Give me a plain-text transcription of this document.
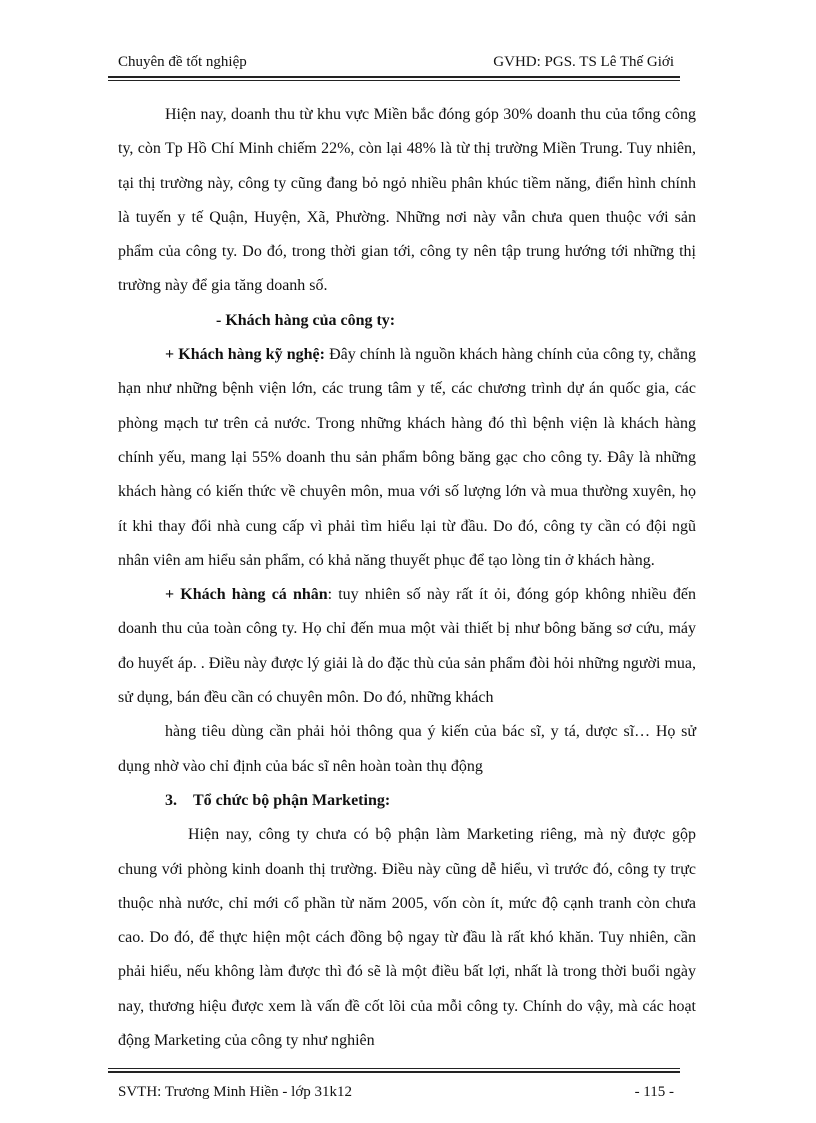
Chuyên đề tốt nghiệp	GVHD: PGS. TS Lê Thế Giới

Hiện nay, doanh thu từ khu vực Miền bắc đóng góp 30% doanh thu của tổng công ty, còn Tp Hồ Chí Minh chiếm 22%, còn lại 48% là từ thị trường Miền Trung. Tuy nhiên, tại thị trường này, công ty cũng đang bỏ ngỏ nhiều phân khúc tiềm năng, điển hình chính là tuyến y tế Quận, Huyện, Xã, Phường. Những nơi này vẫn chưa quen thuộc với sản phẩm của công ty. Do đó, trong thời gian tới, công ty nên tập trung hướng tới những thị trường này để gia tăng doanh số.

- Khách hàng của công ty:

+ Khách hàng kỹ nghệ: Đây chính là nguồn khách hàng chính của công ty, chẳng hạn như những bệnh viện lớn, các trung tâm y tế, các chương trình dự án quốc gia, các phòng mạch tư trên cả nước. Trong những khách hàng đó thì bệnh viện là khách hàng chính yếu, mang lại 55% doanh thu sản phẩm bông băng gạc cho công ty. Đây là những khách hàng có kiến thức về chuyên môn, mua với số lượng lớn và mua thường xuyên, họ ít khi thay đổi nhà cung cấp vì phải tìm hiểu lại từ đầu. Do đó, công ty cần có đội ngũ nhân viên am hiểu sản phẩm, có khả năng thuyết phục để tạo lòng tin ở khách hàng.

+ Khách hàng cá nhân: tuy nhiên số này rất ít ỏi, đóng góp không nhiều đến doanh thu của toàn công ty. Họ chỉ đến mua một vài thiết bị như bông băng sơ cứu, máy đo huyết áp. . Điều này được lý giải là do đặc thù của sản phẩm đòi hỏi những người mua, sử dụng, bán đều cần có chuyên môn. Do đó, những khách

hàng tiêu dùng cần phải hỏi thông qua ý kiến của bác sĩ, y tá, dược sĩ… Họ sử dụng nhờ vào chỉ định của bác sĩ nên hoàn toàn thụ động

3. Tổ chức bộ phận Marketing:

Hiện nay, công ty chưa có bộ phận làm Marketing riêng, mà nỳ được gộp chung với phòng kinh doanh thị trường. Điều này cũng dễ hiểu, vì trước đó, công ty trực thuộc nhà nước, chỉ mới cổ phần từ năm 2005, vốn còn ít, mức độ cạnh tranh còn chưa cao. Do đó, để thực hiện một cách đồng bộ ngay từ đầu là rất khó khăn. Tuy nhiên, cần phải hiểu, nếu không làm được thì đó sẽ là một điều bất lợi, nhất là trong thời buổi ngày nay, thương hiệu được xem là vấn đề cốt lõi của mỗi công ty. Chính do vậy, mà các hoạt động Marketing của công ty như nghiên

SVTH: Trương Minh Hiền - lớp 31k12	- 115 -
